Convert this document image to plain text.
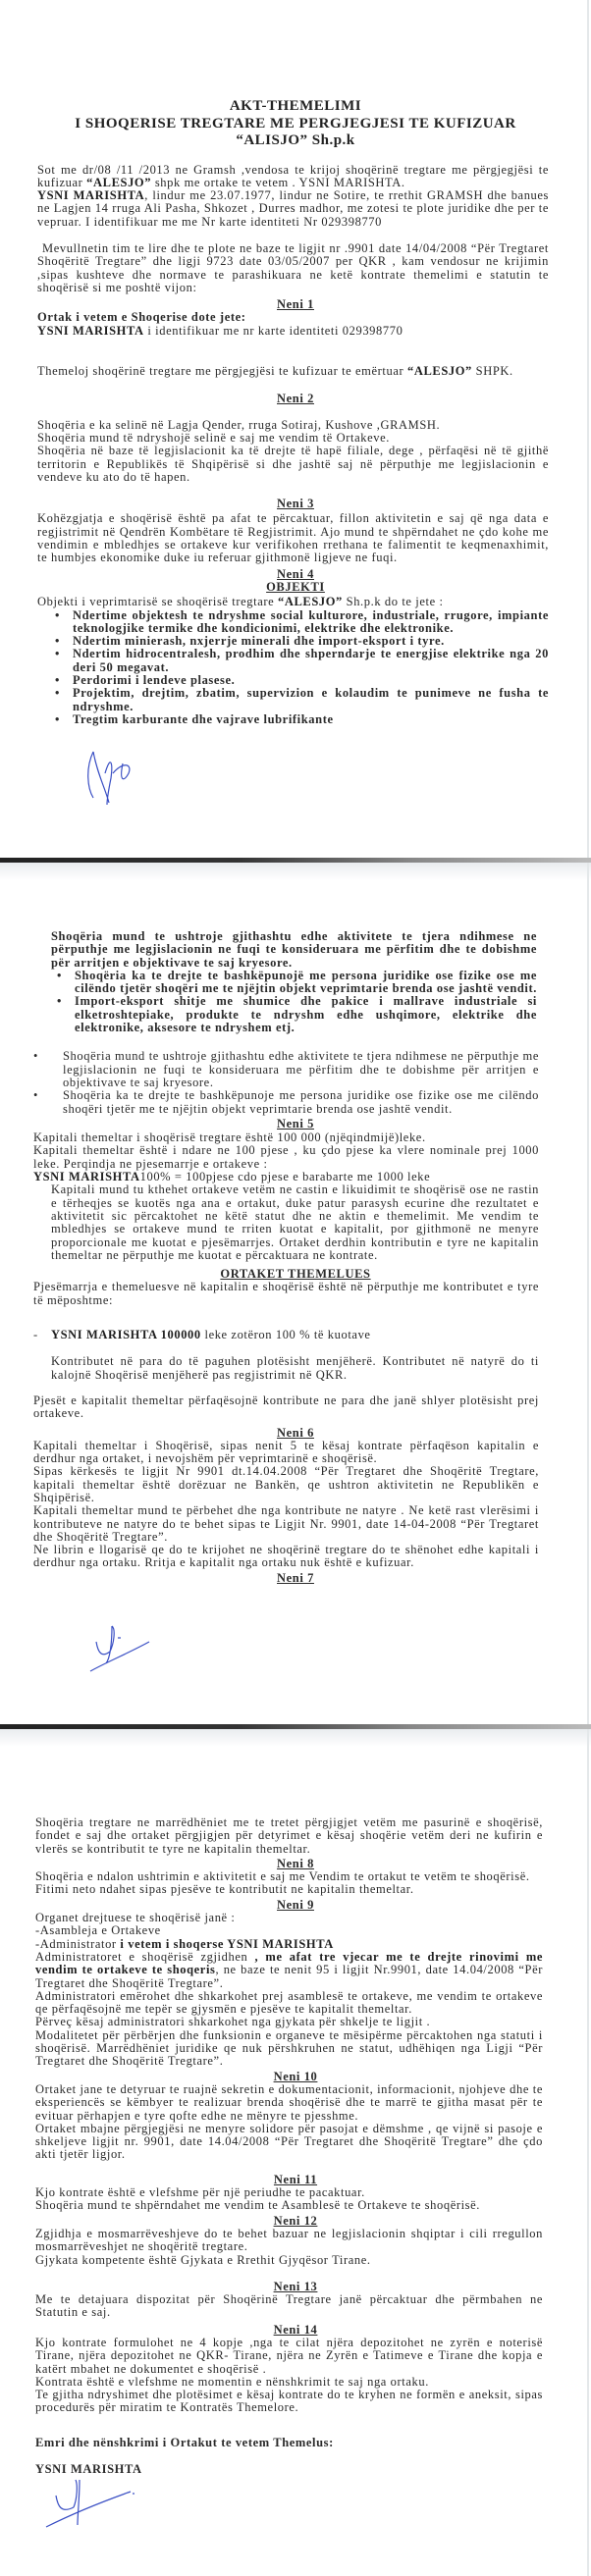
AKT-THEMELIMI
I SHOQERISE TREGTARE ME PERGJEGJESI TE KUFIZUAR
“ALISJO” Sh.p.k

Sot me dr/08 /11 /2013 ne Gramsh ,vendosa te krijoj shoqërinë tregtare me përgjegjësi te kufizuar “ALESJO” shpk me ortake te vetem . YSNI MARISHTA.

YSNI MARISHTA, lindur me 23.07.1977, lindur ne Sotire, te rrethit GRAMSH dhe banues ne Lagjen 14 rruga Ali Pasha, Shkozet , Durres madhor, me zotesi te plote juridike dhe per te vepruar. I identifikuar me me Nr karte identiteti Nr 029398770

Mevullnetin tim te lire dhe te plote ne baze te ligjit nr .9901 date 14/04/2008 “Për Tregtaret Shoqëritë Tregtare” dhe ligji 9723 date 03/05/2007 per QKR , kam vendosur ne krijimin ,sipas kushteve dhe normave te parashikuara ne ketë kontrate themelimi e statutin te shoqërisë si me poshtë vijon:

Neni 1

Ortak i vetem e Shoqerise dote jete:

YSNI MARISHTA i identifikuar me nr karte identiteti 029398770

Themeloj shoqërinë tregtare me përgjegjësi te kufizuar te emërtuar “ALESJO” SHPK.

Neni 2

Shoqëria e ka selinë në Lagja Qender, rruga Sotiraj, Kushove ,GRAMSH.

Shoqëria mund të ndryshojë selinë e saj me vendim të Ortakeve.

Shoqëria në baze të legjislacionit ka të drejte të hapë filiale, dege , përfaqësi në të gjithë territorin e Republikës të Shqipërisë si dhe jashtë saj në përputhje me legjislacionin e vendeve ku ato do të hapen.

Neni 3

Kohëzgjatja e shoqërisë është pa afat te përcaktuar, fillon aktivitetin e saj që nga data e regjistrimit në Qendrën Kombëtare të Regjistrimit. Ajo mund te shpërndahet ne çdo kohe me vendimin e mbledhjes se ortakeve kur verifikohen rrethana te falimentit te keqmenaxhimit, te humbjes ekonomike duke iu referuar gjithmonë ligjeve ne fuqi.

Neni 4
OBJEKTI

Objekti i veprimtarisë se shoqërisë tregtare “ALESJO” Sh.p.k do te jete :

• Ndertime objektesh te ndryshme social kulturore, industriale, rrugore, impiante teknologjike termike dhe kondicionimi, elektrike dhe elektronike.
• Ndertim minierash, nxjerrje minerali dhe import-eksport i tyre.
• Ndertim hidrocentralesh, prodhim dhe shperndarje te energjise elektrike nga 20 deri 50 megavat.
• Perdorimi i lendeve plasese.
• Projektim, drejtim, zbatim, supervizion e kolaudim te punimeve ne fusha te ndryshme.
• Tregtim karburante dhe vajrave lubrifikante

Shoqëria mund te ushtroje gjithashtu edhe aktivitete te tjera ndihmese ne përputhje me legjislacionin ne fuqi te konsideruara me përfitim dhe te dobishme për arritjen e objektivave te saj kryesore.

• Shoqëria ka te drejte te bashkëpunojë me persona juridike ose fizike ose me cilëndo tjetër shoqëri me te njëjtin objekt veprimtarie brenda ose jashtë vendit.
• Import-eksport shitje me shumice dhe pakice i mallrave industriale si elketroshtepiake, produkte te ndryshm edhe ushqimore, elektrike dhe elektronike, aksesore te ndryshem etj.

• Shoqëria mund te ushtroje gjithashtu edhe aktivitete te tjera ndihmese ne përputhje me legjislacionin ne fuqi te konsideruara me përfitim dhe te dobishme për arritjen e objektivave te saj kryesore.

• Shoqëria ka te drejte te bashkëpunoje me persona juridike ose fizike ose me cilëndo shoqëri tjetër me te njëjtin objekt veprimtarie brenda ose jashtë vendit.

Neni 5

Kapitali themeltar i shoqërisë tregtare është 100 000 (njëqindmijë)leke.

Kapitali themeltar është i ndare ne 100 pjese , ku çdo pjese ka vlere nominale prej 1000 leke. Perqindja ne pjesemarrje e ortakeve :

YSNI MARISHTA100% = 100pjese cdo pjese e barabarte me 1000 leke

Kapitali mund tu kthehet ortakeve vetëm ne castin e likuidimit te shoqërisë ose ne rastin e tërheqjes se kuotës nga ana e ortakut, duke patur parasysh ecurine dhe rezultatet e aktivitetit sic përcaktohet ne këtë statut dhe ne aktin e themelimit. Me vendim te mbledhjes se ortakeve mund te rriten kuotat e kapitalit, por gjithmonë ne menyre proporcionale me kuotat e pjesëmarrjes. Ortaket derdhin kontributin e tyre ne kapitalin themeltar ne përputhje me kuotat e përcaktuara ne kontrate.

ORTAKET THEMELUES

Pjesëmarrja e themeluesve në kapitalin e shoqërisë është në përputhje me kontributet e tyre të mëposhtme:

- YSNI MARISHTA 100000 leke zotëron 100 % të kuotave

Kontributet në para do të paguhen plotësisht menjëherë. Kontributet në natyrë do ti kalojnë Shoqërisë menjëherë pas regjistrimit në QKR.

Pjesët e kapitalit themeltar përfaqësojnë kontribute ne para dhe janë shlyer plotësisht prej ortakeve.

Neni 6

Kapitali themeltar i Shoqërisë, sipas nenit 5 te kësaj kontrate përfaqëson kapitalin e derdhur nga ortaket, i nevojshëm për veprimtarinë e shoqërisë.

Sipas kërkesës te ligjit Nr 9901 dt.14.04.2008 “Për Tregtaret dhe Shoqëritë Tregtare, kapitali themeltar është dorëzuar ne Bankën, qe ushtron aktivitetin ne Republikën e Shqipërisë.

Kapitali themeltar mund te përbehet dhe nga kontribute ne natyre . Ne ketë rast vlerësimi i kontributeve ne natyre do te behet sipas te Ligjit Nr. 9901, date 14-04-2008 “Për Tregtaret dhe Shoqëritë Tregtare”.

Ne librin e llogarisë qe do te krijohet ne shoqërinë tregtare do te shënohet edhe kapitali i derdhur nga ortaku. Rritja e kapitalit nga ortaku nuk është e kufizuar.

Neni 7

Shoqëria tregtare ne marrëdhëniet me te tretet përgjigjet vetëm me pasurinë e shoqërisë, fondet e saj dhe ortaket përgjigjen për detyrimet e kësaj shoqërie vetëm deri ne kufirin e vlerës se kontributit te tyre ne kapitalin themeltar.

Neni 8

Shoqëria e ndalon ushtrimin e aktivitetit e saj me Vendim te ortakut te vetëm te shoqërisë.

Fitimi neto ndahet sipas pjesëve te kontributit ne kapitalin themeltar.

Neni 9

Organet drejtuese te shoqërisë janë :

-Asambleja e Ortakeve

-Administrator i vetem i shoqerse YSNI MARISHTA

Administratoret e shoqërisë zgjidhen , me afat tre vjecar me te drejte rinovimi me vendim te ortakeve te shoqeris, ne baze te nenit 95 i ligjit Nr.9901, date 14.04/2008 “Për Tregtaret dhe Shoqëritë Tregtare”.

Administratori emërohet dhe shkarkohet prej asamblesë te ortakeve, me vendim te ortakeve qe përfaqësojnë me tepër se gjysmën e pjesëve te kapitalit themeltar.

Përveç kësaj administratori shkarkohet nga gjykata për shkelje te ligjit .

Modalitetet për përbërjen dhe funksionin e organeve te mësipërme përcaktohen nga statuti i shoqërisë. Marrëdhëniet juridike qe nuk përshkruhen ne statut, udhëhiqen nga Ligji “Për Tregtaret dhe Shoqëritë Tregtare”.

Neni 10

Ortaket jane te detyruar te ruajnë sekretin e dokumentacionit, informacionit, njohjeve dhe te eksperiencës se këmbyer te realizuar brenda shoqërisë dhe te marrë te gjitha masat për te evituar përhapjen e tyre qofte edhe ne mënyre te pjesshme.

Ortaket mbajne përgjegjësi ne menyre solidore për pasojat e dëmshme , qe vijnë si pasoje e shkeljeve ligjit nr. 9901, date 14.04/2008 “Për Tregtaret dhe Shoqëritë Tregtare” dhe çdo akti tjetër ligjor.

Neni 11

Kjo kontrate është e vlefshme për një periudhe te pacaktuar.

Shoqëria mund te shpërndahet me vendim te Asamblesë te Ortakeve te shoqërisë.

Neni 12

Zgjidhja e mosmarrëveshjeve do te behet bazuar ne legjislacionin shqiptar i cili rregullon mosmarrëveshjet ne shoqëritë tregtare.

Gjykata kompetente është Gjykata e Rrethit Gjyqësor Tirane.

Neni 13

Me te detajuara dispozitat për Shoqërinë Tregtare janë përcaktuar dhe përmbahen ne Statutin e saj.

Neni 14

Kjo kontrate formulohet ne 4 kopje ,nga te cilat njëra depozitohet ne zyrën e noterisë Tirane, njëra depozitohet ne QKR- Tirane, njëra ne Zyrën e Tatimeve e Tirane dhe kopja e katërt mbahet ne dokumentet e shoqërisë .

Kontrata është e vlefshme ne momentin e nënshkrimit te saj nga ortaku.

Te gjitha ndryshimet dhe plotësimet e kësaj kontrate do te kryhen ne formën e aneksit, sipas procedurës për miratim te Kontratës Themelore.

Emri dhe nënshkrimi i Ortakut te vetem Themelus:
YSNI MARISHTA
